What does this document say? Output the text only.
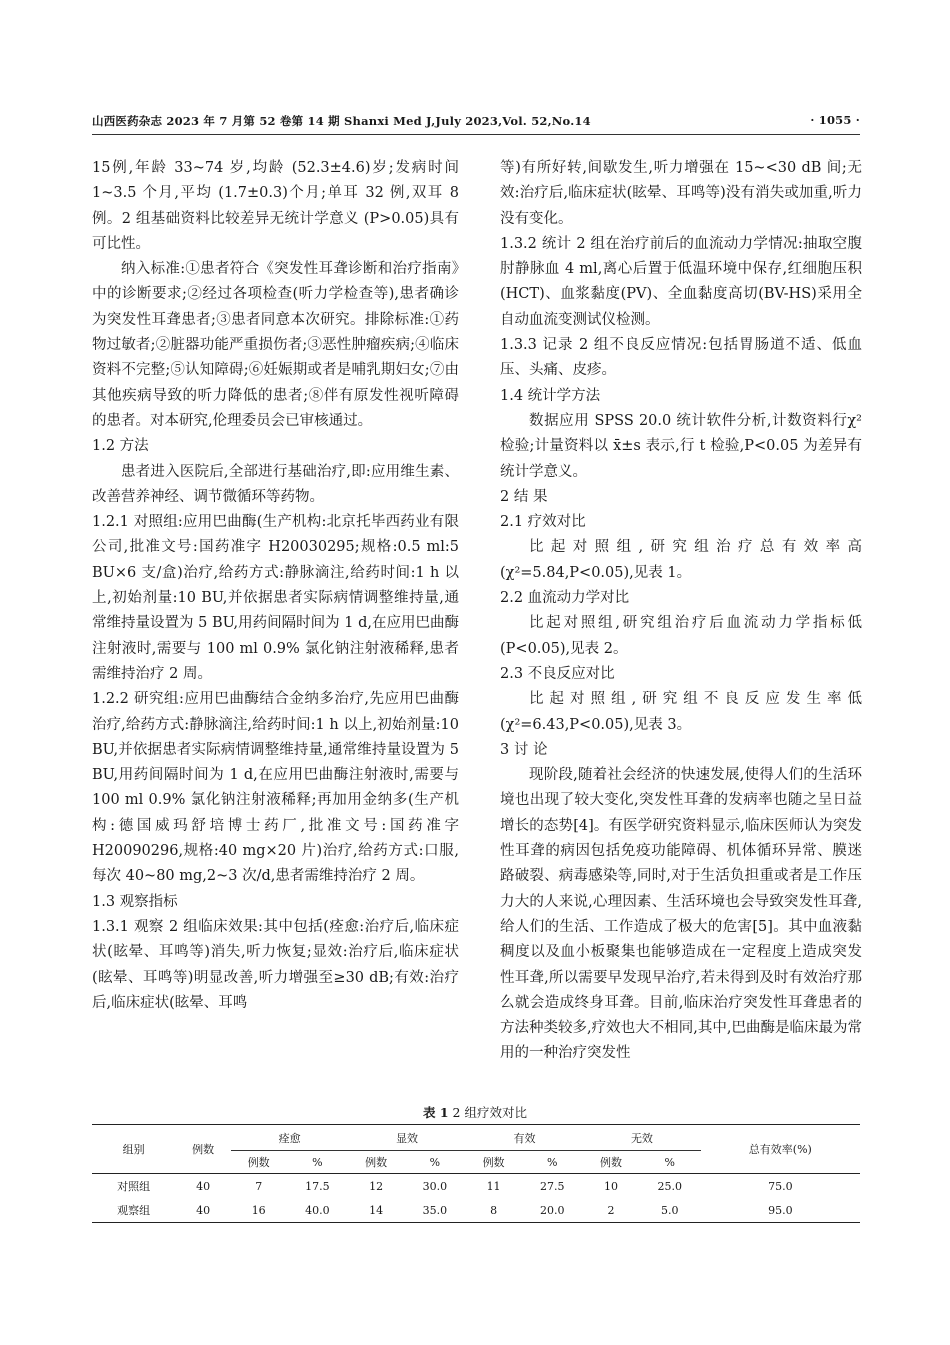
山西医药杂志 2023 年 7 月第 52 卷第 14 期 Shanxi Med J,July 2023,Vol. 52,No.14	· 1055 ·

15例,年龄 33~74 岁,均龄 (52.3±4.6)岁;发病时间 1~3.5 个月,平均 (1.7±0.3)个月;单耳 32 例,双耳 8 例。2 组基础资料比较差异无统计学意义 (P>0.05)具有可比性。

纳入标准:①患者符合《突发性耳聋诊断和治疗指南》中的诊断要求;②经过各项检查(听力学检查等),患者确诊为突发性耳聋患者;③患者同意本次研究。排除标准:①药物过敏者;②脏器功能严重损伤者;③恶性肿瘤疾病;④临床资料不完整;⑤认知障碍;⑥妊娠期或者是哺乳期妇女;⑦由其他疾病导致的听力降低的患者;⑧伴有原发性视听障碍的患者。对本研究,伦理委员会已审核通过。

1.2 方法

患者进入医院后,全部进行基础治疗,即:应用维生素、改善营养神经、调节微循环等药物。

1.2.1 对照组:应用巴曲酶(生产机构:北京托毕西药业有限公司,批准文号:国药准字 H20030295;规格:0.5 ml:5 BU×6 支/盒)治疗,给药方式:静脉滴注,给药时间:1 h 以上,初始剂量:10 BU,并依据患者实际病情调整维持量,通常维持量设置为 5 BU,用药间隔时间为 1 d,在应用巴曲酶注射液时,需要与 100 ml 0.9% 氯化钠注射液稀释,患者需维持治疗 2 周。

1.2.2 研究组:应用巴曲酶结合金纳多治疗,先应用巴曲酶治疗,给药方式:静脉滴注,给药时间:1 h 以上,初始剂量:10 BU,并依据患者实际病情调整维持量,通常维持量设置为 5 BU,用药间隔时间为 1 d,在应用巴曲酶注射液时,需要与 100 ml 0.9% 氯化钠注射液稀释;再加用金纳多(生产机构:德国威玛舒培博士药厂,批准文号:国药准字 H20090296,规格:40 mg×20 片)治疗,给药方式:口服,每次 40~80 mg,2~3 次/d,患者需维持治疗 2 周。

1.3 观察指标

1.3.1 观察 2 组临床效果:其中包括(痊愈:治疗后,临床症状(眩晕、耳鸣等)消失,听力恢复;显效:治疗后,临床症状(眩晕、耳鸣等)明显改善,听力增强至≥30 dB;有效:治疗后,临床症状(眩晕、耳鸣

等)有所好转,间歇发生,听力增强在 15~<30 dB 间;无效:治疗后,临床症状(眩晕、耳鸣等)没有消失或加重,听力没有变化。

1.3.2 统计 2 组在治疗前后的血流动力学情况:抽取空腹肘静脉血 4 ml,离心后置于低温环境中保存,红细胞压积(HCT)、血浆黏度(PV)、全血黏度高切(BV-HS)采用全自动血流变测试仪检测。

1.3.3 记录 2 组不良反应情况:包括胃肠道不适、低血压、头痛、皮疹。

1.4 统计学方法

数据应用 SPSS 20.0 统计软件分析,计数资料行χ²检验;计量资料以 x̄±s 表示,行 t 检验,P<0.05 为差异有统计学意义。

2 结 果

2.1 疗效对比

比起对照组,研究组治疗总有效率高(χ²=5.84,P<0.05),见表 1。

2.2 血流动力学对比

比起对照组,研究组治疗后血流动力学指标低(P<0.05),见表 2。

2.3 不良反应对比

比起对照组,研究组不良反应发生率低(χ²=6.43,P<0.05),见表 3。

3 讨 论

现阶段,随着社会经济的快速发展,使得人们的生活环境也出现了较大变化,突发性耳聋的发病率也随之呈日益增长的态势[4]。有医学研究资料显示,临床医师认为突发性耳聋的病因包括免疫功能障碍、机体循环异常、膜迷路破裂、病毒感染等,同时,对于生活负担重或者是工作压力大的人来说,心理因素、生活环境也会导致突发性耳聋,给人们的生活、工作造成了极大的危害[5]。其中血液黏稠度以及血小板聚集也能够造成在一定程度上造成突发性耳聋,所以需要早发现早治疗,若未得到及时有效治疗那么就会造成终身耳聋。目前,临床治疗突发性耳聋患者的方法种类较多,疗效也大不相同,其中,巴曲酶是临床最为常用的一种治疗突发性

表 1 2 组疗效对比
组别	例数	痊愈		显效		有效		无效		总有效率(%)
		例数	%	例数	%	例数	%	例数	%	
对照组	40	7	17.5	12	30.0	11	27.5	10	25.0	75.0
观察组	40	16	40.0	14	35.0	8	20.0	2	5.0	95.0
